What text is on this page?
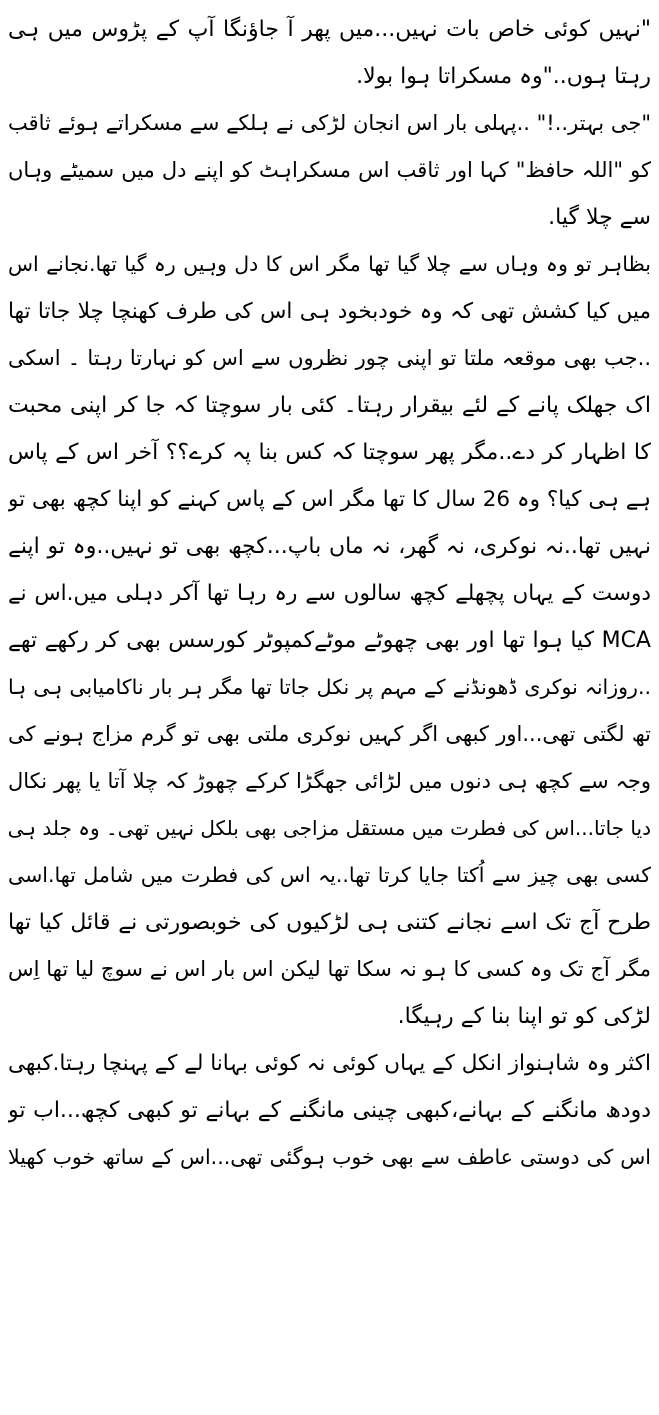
"نہیں کوئی خاص بات نہیں...میں پھر آ جاؤنگا آپ کے پڑوس میں ہی
رہتا ہوں.."وہ مسکراتا ہوا بولا.
"جی بہتر..!" ..پہلی بار اس انجان لڑکی نے ہلکے سے مسکراتے ہوئے ثاقب
کو "اللہ حافظ" کہا اور ثاقب اس مسکراہٹ کو اپنے دل میں سمیٹے وہاں
سے چلا گیا.
بظاہر تو وہ وہاں سے چلا گیا تھا مگر اس کا دل وہیں رہ گیا تھا.نجانے اس
میں کیا کشش تھی کہ وہ خودبخود ہی اس کی طرف کھنچا چلا جاتا تھا
..جب بھی موقعہ ملتا تو اپنی چور نظروں سے اس کو نہارتا رہتا ۔ اسکی
اک جھلک پانے کے لئے بیقرار رہتا۔ کئی بار سوچتا کہ جا کر اپنی محبت
کا اظہار کر دے..مگر پھر سوچتا کہ کس بنا پہ کرے؟؟ آخر اس کے پاس
ہے ہی کیا؟ وہ 26 سال کا تھا مگر اس کے پاس کہنے کو اپنا کچھ بھی تو
نہیں تھا..نہ نوکری، نہ گھر، نہ ماں باپ...کچھ بھی تو نہیں..وہ تو اپنے
دوست کے یہاں پچھلے کچھ سالوں سے رہ رہا تھا آکر دہلی میں.اس نے
MCA کیا ہوا تھا اور بھی چھوٹے موٹےکمپوٹر کورسس بھی کر رکھے تھے
..روزانہ نوکری ڈھونڈنے کے مہم پر نکل جاتا تھا مگر ہر بار ناکامیابی ہی ہا
تھ لگتی تھی...اور کبھی اگر کہیں نوکری ملتی بھی تو گرم مزاج ہونے کی
وجہ سے کچھ ہی دنوں میں لڑائی جھگڑا کرکے چھوڑ کہ چلا آتا یا پھر نکال
دیا جاتا...اس کی فطرت میں مستقل مزاجی بھی بلکل نہیں تھی۔ وہ جلد ہی
کسی بھی چیز سے اُکتا جایا کرتا تھا..یہ اس کی فطرت میں شامل تھا.اسی
طرح آج تک اسے نجانے کتنی ہی لڑکیوں کی خوبصورتی نے قائل کیا تھا
مگر آج تک وہ کسی کا ہو نہ سکا تھا لیکن اس بار اس نے سوچ لیا تھا اِس
لڑکی کو تو اپنا بنا کے رہیگا.
اکثر وہ شاہنواز انکل کے یہاں کوئی نہ کوئی بہانا لے کے پہنچا رہتا.کبھی
دودھ مانگنے کے بہانے،کبھی چینی مانگنے کے بہانے تو کبھی کچھ...اب تو
اس کی دوستی عاطف سے بھی خوب ہوگئی تھی...اس کے ساتھ خوب کھیلا
